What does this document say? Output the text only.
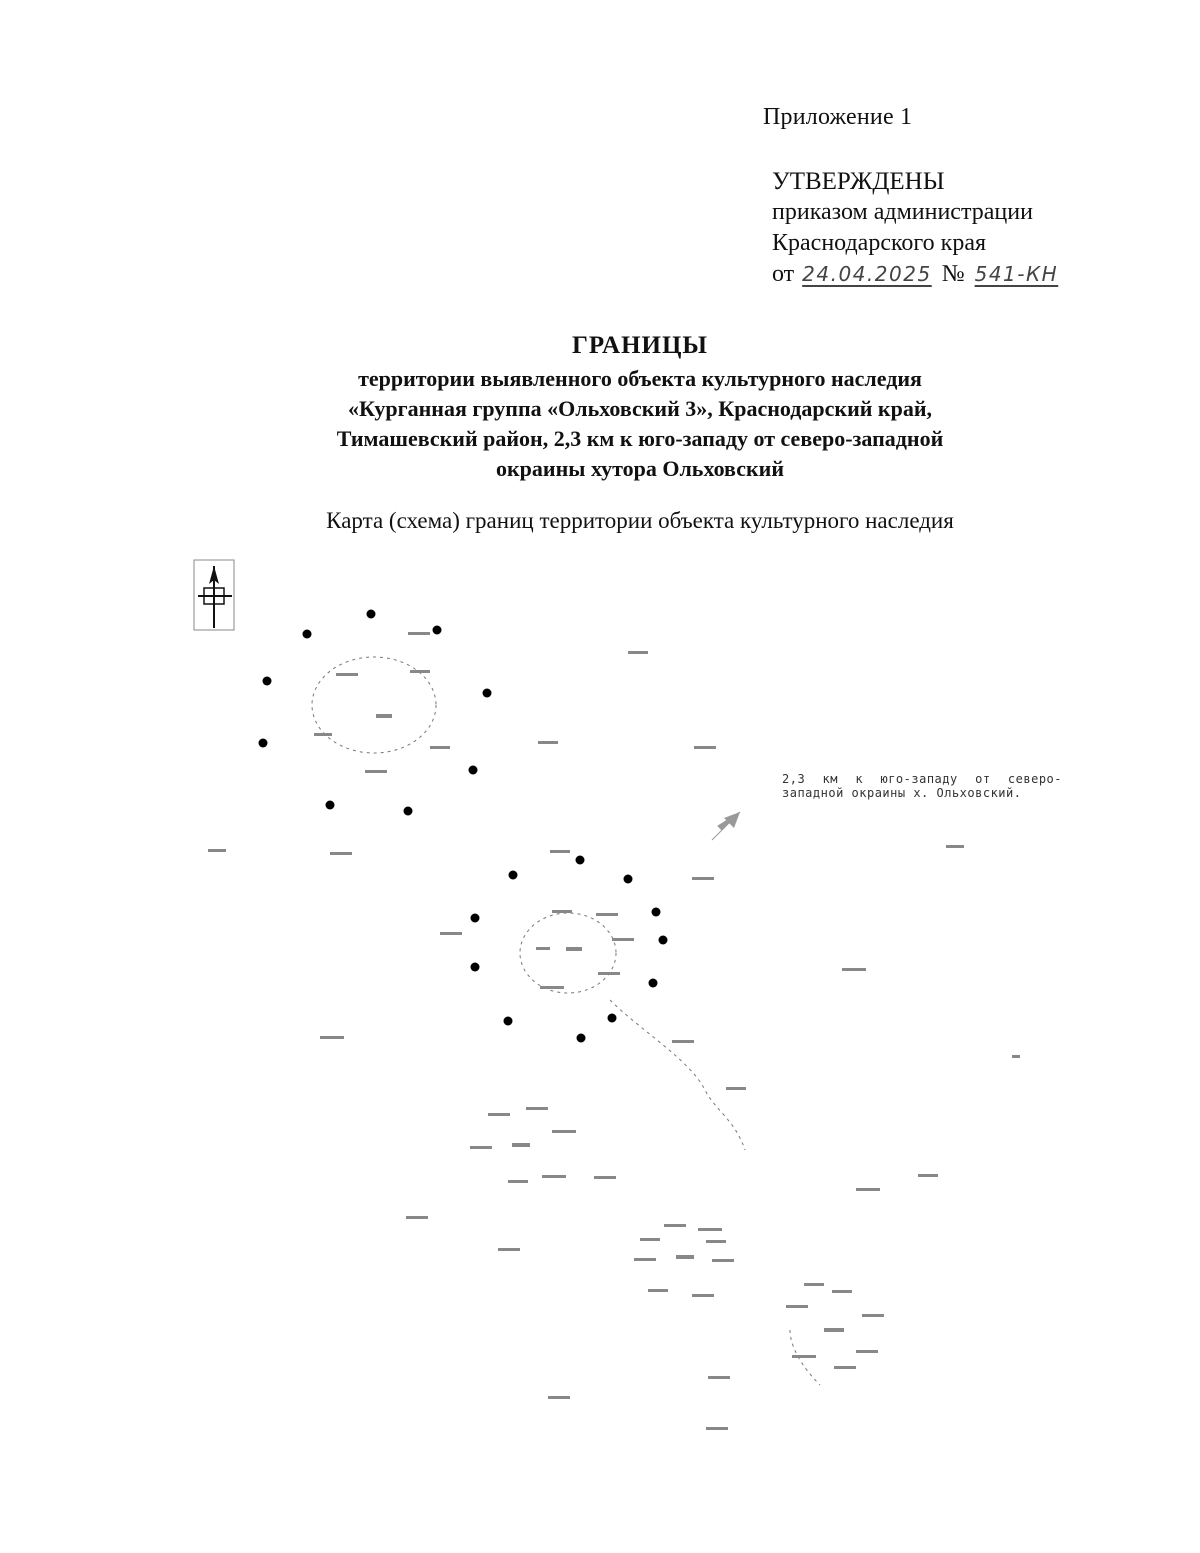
Приложение 1
УТВЕРЖДЕНЫ
приказом администрации
Краснодарского края
от 24.04.2025 № 541-КН
ГРАНИЦЫ
территории выявленного объекта культурного наследия
«Курганная группа «Ольховский 3», Краснодарский край,
Тимашевский район, 2,3 км к юго-западу от северо-западной
окраины хутора Ольховский
Карта (схема) границ территории объекта культурного наследия
2,3 км к юго-западу от северо-западной окраины х. Ольховский.
